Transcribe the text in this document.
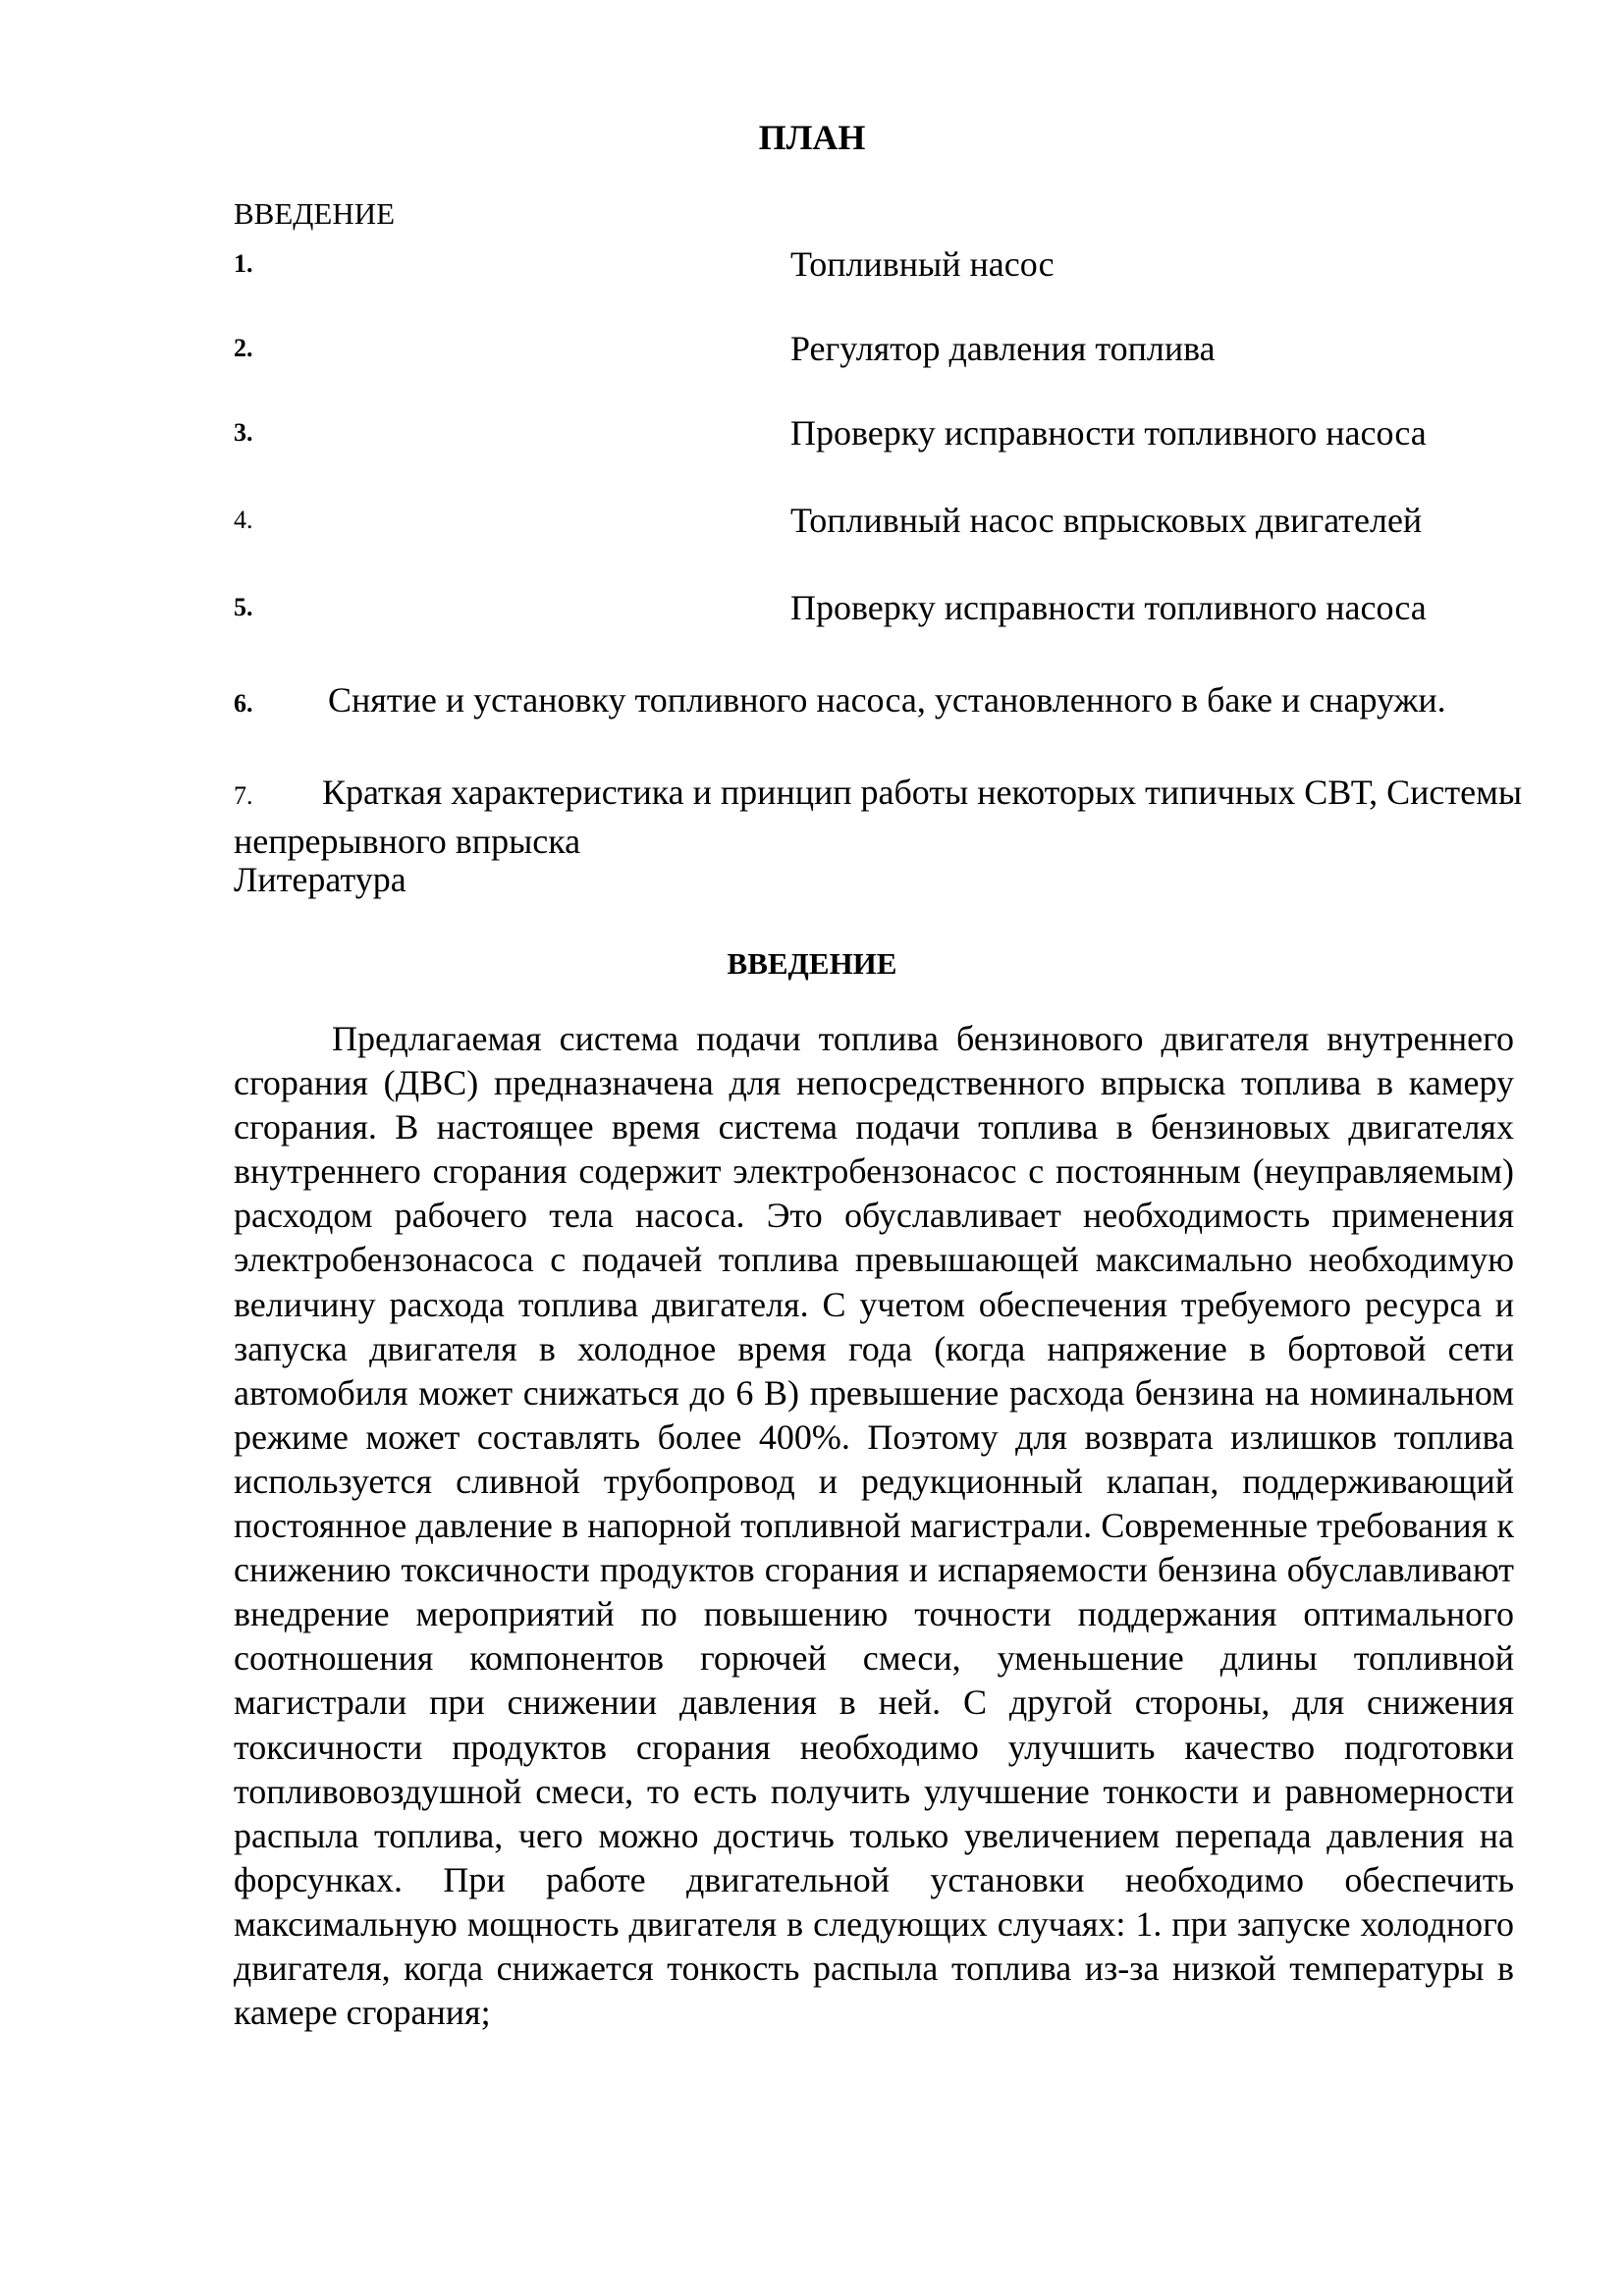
ПЛАН
ВВЕДЕНИЕ
1.	Топливный насос
2.	Регулятор давления топлива
3.	Проверку исправности топливного насоса
4.	Топливный насос впрысковых двигателей
5.	Проверку исправности топливного насоса
6. Снятие и установку топливного насоса, установленного в баке и снаружи.
7. Краткая характеристика и принцип работы некоторых типичных СВТ, Системы непрерывного впрыска
Литература
ВВЕДЕНИЕ

Предлагаемая система подачи топлива бензинового двигателя внутреннего сгорания (ДВС) предназначена для непосредственного впрыска топлива в камеру сгорания. В настоящее время система подачи топлива в бензиновых двигателях внутреннего сгорания содержит электробензонасос с постоянным (неуправляемым) расходом рабочего тела насоса. Это обуславливает необходимость применения электробензонасоса с подачей топлива превышающей максимально необходимую величину расхода топлива двигателя. С учетом обеспечения требуемого ресурса и запуска двигателя в холодное время года (когда напряжение в бортовой сети автомобиля может снижаться до 6 В) превышение расхода бензина на номинальном режиме может составлять более 400%. Поэтому для возврата излишков топлива используется сливной трубопровод и редукционный клапан, поддерживающий постоянное давление в напорной топливной магистрали. Современные требования к снижению токсичности продуктов сгорания и испаряемости бензина обуславливают внедрение мероприятий по повышению точности поддержания оптимального соотношения компонентов горючей смеси, уменьшение длины топливной магистрали при снижении давления в ней. С другой стороны, для снижения токсичности продуктов сгорания необходимо улучшить качество подготовки топливовоздушной смеси, то есть получить улучшение тонкости и равномерности распыла топлива, чего можно достичь только увеличением перепада давления на форсунках. При работе двигательной установки необходимо обеспечить максимальную мощность двигателя в следующих случаях: 1. при запуске холодного двигателя, когда снижается тонкость распыла топлива из-за низкой температуры в камере сгорания;
